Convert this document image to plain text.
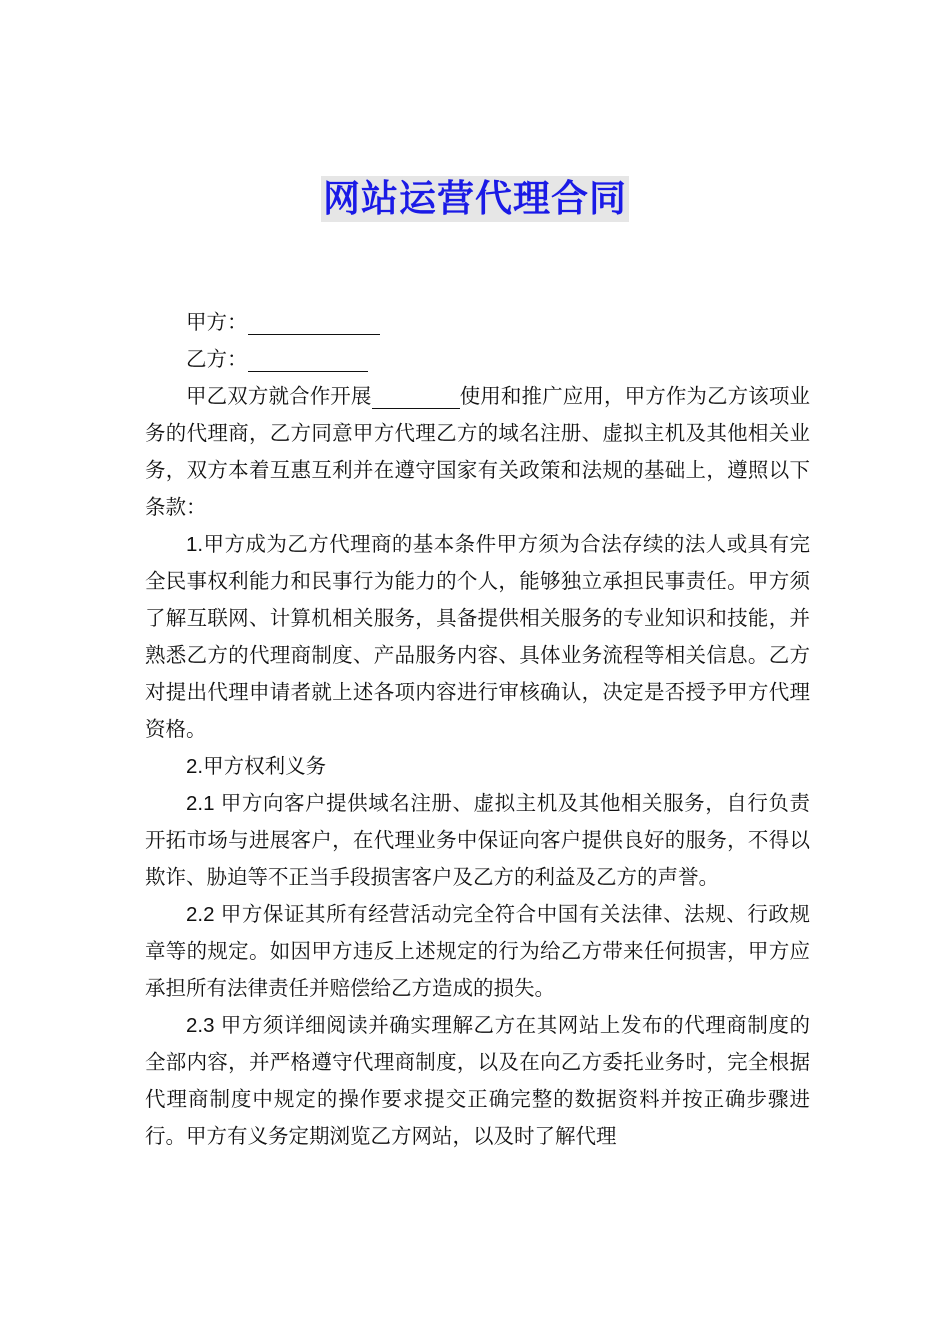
网站运营代理合同

甲方：

乙方：

甲乙双方就合作开展	使用和推广应用，甲方作为乙方该项业务的代理商，乙方同意甲方代理乙方的域名注册、虚拟主机及其他相关业务，双方本着互惠互利并在遵守国家有关政策和法规的基础上，遵照以下条款：

1.甲方成为乙方代理商的基本条件甲方须为合法存续的法人或具有完全民事权利能力和民事行为能力的个人，能够独立承担民事责任。甲方须了解互联网、计算机相关服务，具备提供相关服务的专业知识和技能，并熟悉乙方的代理商制度、产品服务内容、具体业务流程等相关信息。乙方对提出代理申请者就上述各项内容进行审核确认，决定是否授予甲方代理资格。

2.甲方权利义务

2.1 甲方向客户提供域名注册、虚拟主机及其他相关服务，自行负责开拓市场与进展客户，在代理业务中保证向客户提供良好的服务，不得以欺诈、胁迫等不正当手段损害客户及乙方的利益及乙方的声誉。

2.2 甲方保证其所有经营活动完全符合中国有关法律、法规、行政规章等的规定。如因甲方违反上述规定的行为给乙方带来任何损害，甲方应承担所有法律责任并赔偿给乙方造成的损失。

2.3 甲方须详细阅读并确实理解乙方在其网站上发布的代理商制度的全部内容，并严格遵守代理商制度，以及在向乙方委托业务时，完全根据代理商制度中规定的操作要求提交正确完整的数据资料并按正确步骤进行。甲方有义务定期浏览乙方网站，以及时了解代理
